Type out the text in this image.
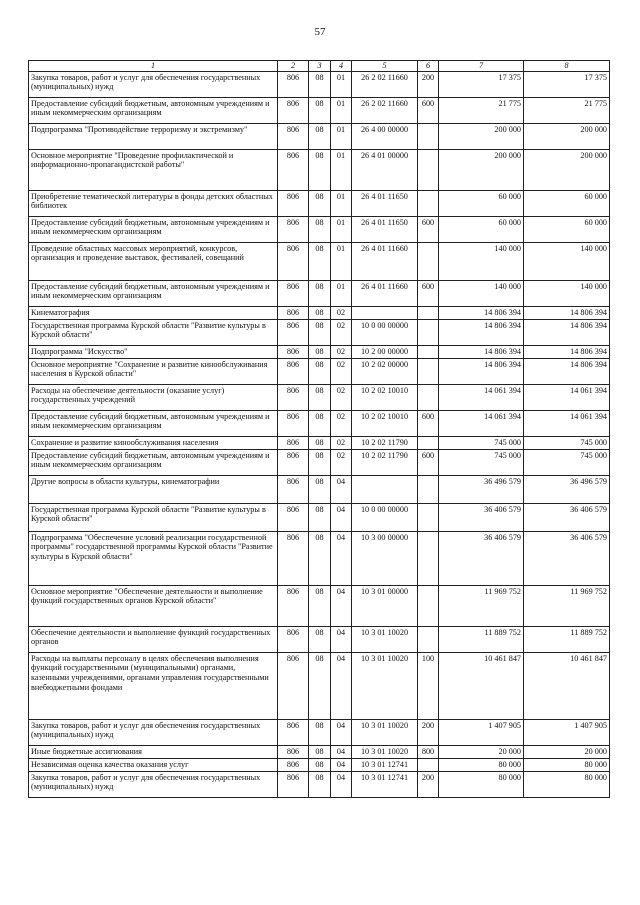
57
1	2	3	4	5	6	7	8
Закупка товаров, работ и услуг для обеспечения государственных (муниципальных) нужд	806	08	01	26 2 02 11660	200	17 375	17 375
Предоставление субсидий бюджетным, автономным учреждениям и иным некоммерческим организациям	806	08	01	26 2 02 11660	600	21 775	21 775
Подпрограмма "Противодействие терроризму и экстремизму"	806	08	01	26 4 00 00000		200 000	200 000
Основное мероприятие "Проведение профилактической и информационно-пропагандистской работы"	806	08	01	26 4 01 00000		200 000	200 000
Приобретение тематической литературы в фонды детских областных библиотек	806	08	01	26 4 01 11650		60 000	60 000
Предоставление субсидий бюджетным, автономным учреждениям и иным некоммерческим организациям	806	08	01	26 4 01 11650	600	60 000	60 000
Проведение областных массовых мероприятий, конкурсов, организация и проведение выставок, фестивалей, совещаний	806	08	01	26 4 01 11660		140 000	140 000
Предоставление субсидий бюджетным, автономным учреждениям и иным некоммерческим организациям	806	08	01	26 4 01 11660	600	140 000	140 000
Кинематография	806	08	02			14 806 394	14 806 394
Государственная программа Курской области "Развитие культуры в Курской области"	806	08	02	10 0 00 00000		14 806 394	14 806 394
Подпрограмма "Искусство"	806	08	02	10 2 00 00000		14 806 394	14 806 394
Основное мероприятие "Сохранение и развитие кинообслуживания населения в Курской области"	806	08	02	10 2 02 00000		14 806 394	14 806 394
Расходы на обеспечение деятельности (оказание услуг) государственных учреждений	806	08	02	10 2 02 10010		14 061 394	14 061 394
Предоставление субсидий бюджетным, автономным учреждениям и иным некоммерческим организациям	806	08	02	10 2 02 10010	600	14 061 394	14 061 394
Сохранение и развитие кинообслуживания населения	806	08	02	10 2 02 11790		745 000	745 000
Предоставление субсидий бюджетным, автономным учреждениям и иным некоммерческим организациям	806	08	02	10 2 02 11790	600	745 000	745 000
Другие вопросы в области культуры, кинематографии	806	08	04			36 496 579	36 496 579
Государственная программа Курской области "Развитие культуры в Курской области"	806	08	04	10 0 00 00000		36 406 579	36 406 579
Подпрограмма "Обеспечение условий реализации государственной программы" государственной программы Курской области "Развитие культуры в Курской области"	806	08	04	10 3 00 00000		36 406 579	36 406 579
Основное мероприятие "Обеспечение деятельности и выполнение функций государственных органов Курской области"	806	08	04	10 3 01 00000		11 969 752	11 969 752
Обеспечение деятельности и выполнение функций государственных органов	806	08	04	10 3 01 10020		11 889 752	11 889 752
Расходы на выплаты персоналу в целях обеспечения выполнения функций государственными (муниципальными) органами, казенными учреждениями, органами управления государственными внебюджетными фондами	806	08	04	10 3 01 10020	100	10 461 847	10 461 847
Закупка товаров, работ и услуг для обеспечения государственных (муниципальных) нужд	806	08	04	10 3 01 10020	200	1 407 905	1 407 905
Иные бюджетные ассигнования	806	08	04	10 3 01 10020	800	20 000	20 000
Независимая оценка качества оказания услуг	806	08	04	10 3 01 12741		80 000	80 000
Закупка товаров, работ и услуг для обеспечения государственных (муниципальных) нужд	806	08	04	10 3 01 12741	200	80 000	80 000
